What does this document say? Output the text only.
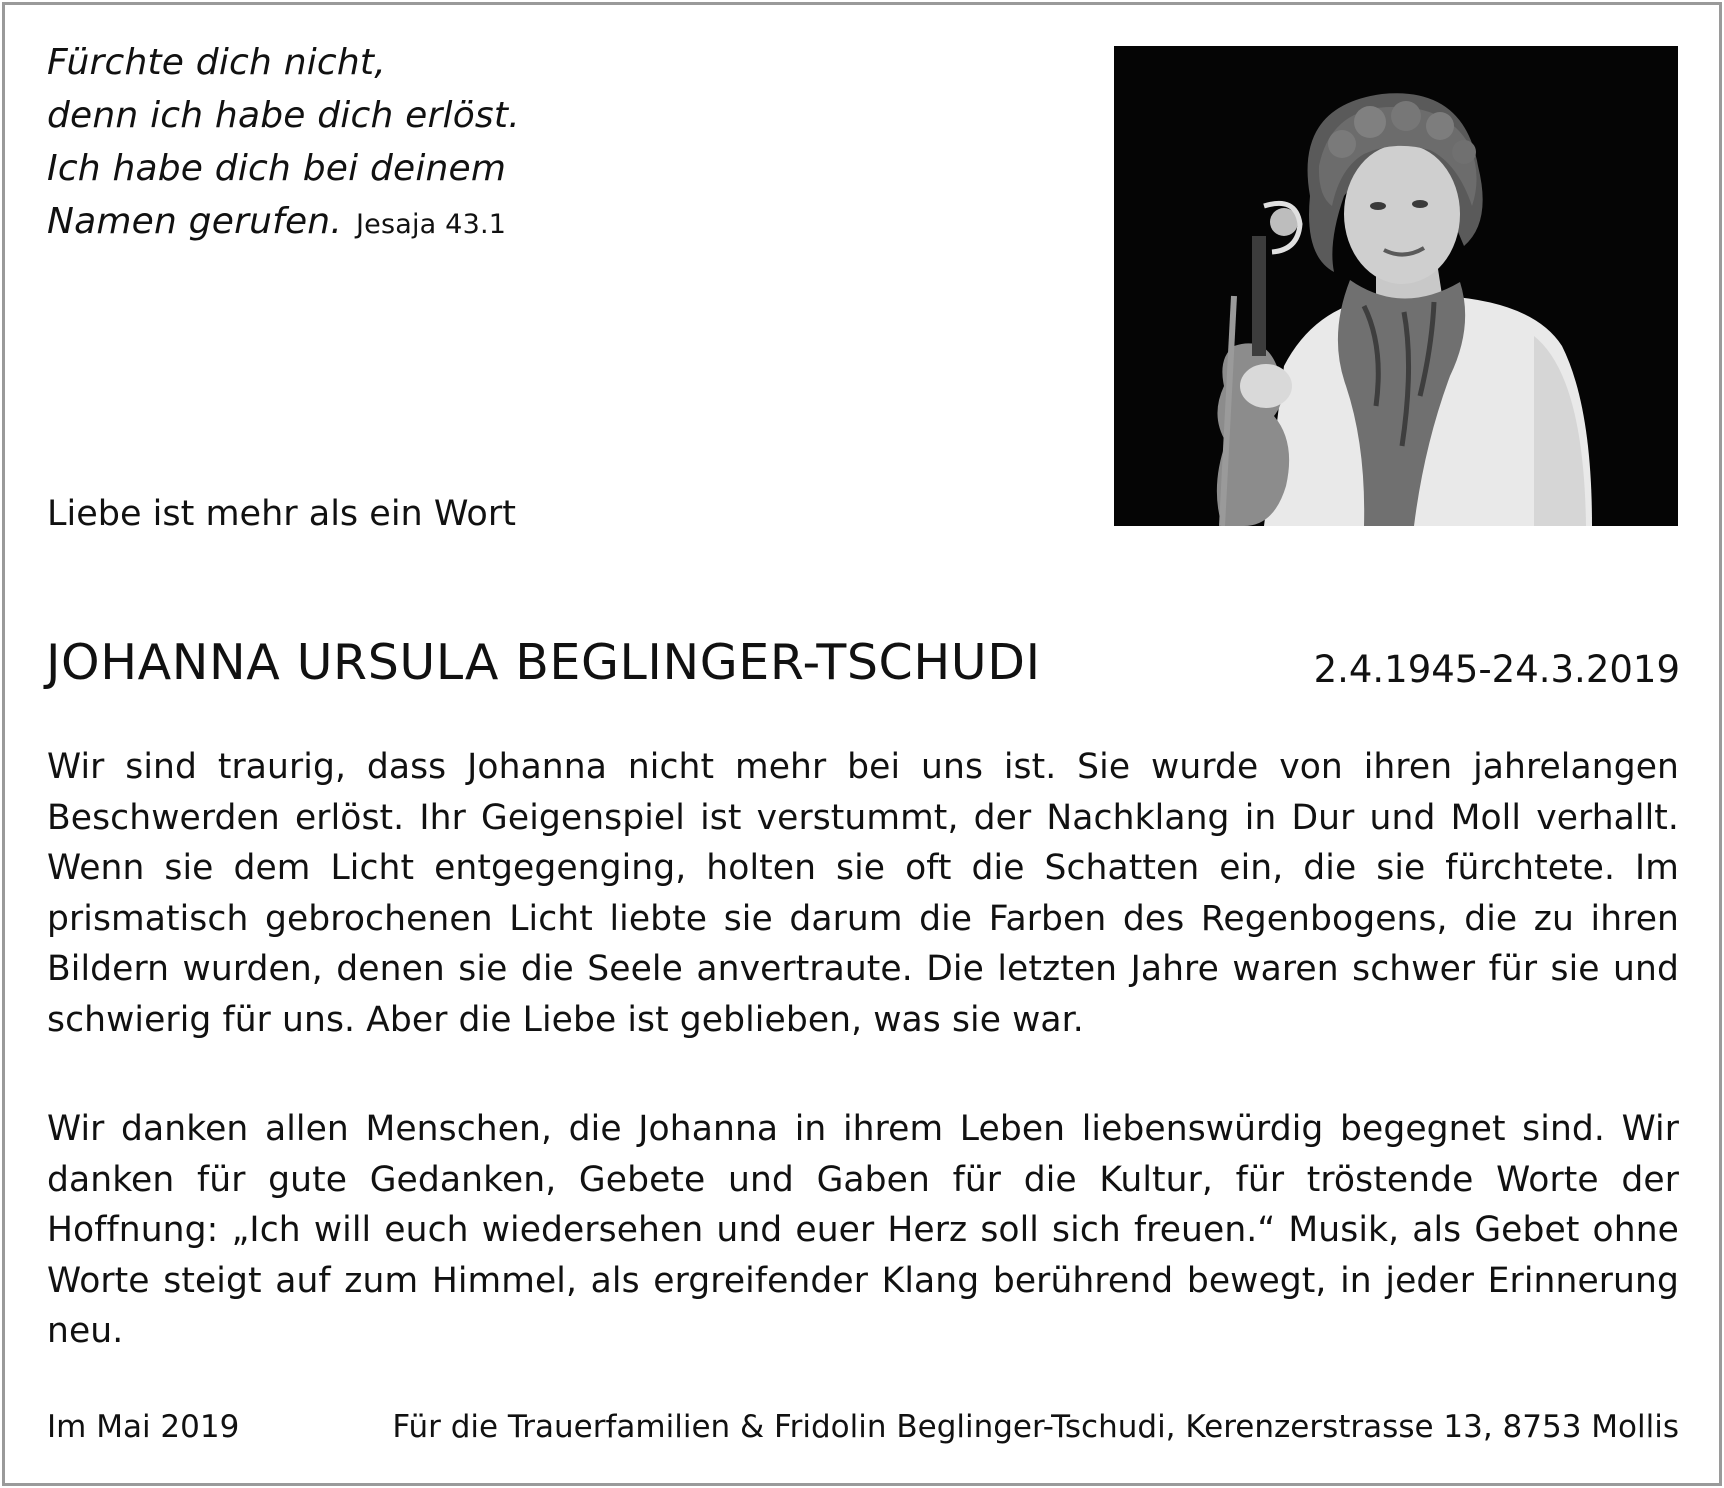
Fürchte dich nicht,
denn ich habe dich erlöst.
Ich habe dich bei deinem
Namen gerufen. Jesaja 43.1
Liebe ist mehr als ein Wort
JOHANNA URSULA BEGLINGER-TSCHUDI	2.4.1945-24.3.2019

Wir sind traurig, dass Johanna nicht mehr bei uns ist. Sie wurde von ihren jahrelangen Beschwerden erlöst. Ihr Geigenspiel ist verstummt, der Nachklang in Dur und Moll verhallt. Wenn sie dem Licht entgegenging, holten sie oft die Schatten ein, die sie fürchtete. Im prismatisch gebrochenen Licht liebte sie darum die Farben des Regenbogens, die zu ihren Bildern wurden, denen sie die Seele anvertraute. Die letzten Jahre waren schwer für sie und schwierig für uns. Aber die Liebe ist geblieben, was sie war.

Wir danken allen Menschen, die Johanna in ihrem Leben liebenswürdig begegnet sind. Wir danken für gute Gedanken, Gebete und Gaben für die Kultur, für tröstende Worte der Hoffnung: „Ich will euch wiedersehen und euer Herz soll sich freuen.“ Musik, als Gebet ohne Worte steigt auf zum Himmel, als ergreifender Klang berührend bewegt, in jeder Erinnerung neu.

Im Mai 2019	Für die Trauerfamilien & Fridolin Beglinger-Tschudi, Kerenzerstrasse 13, 8753 Mollis
